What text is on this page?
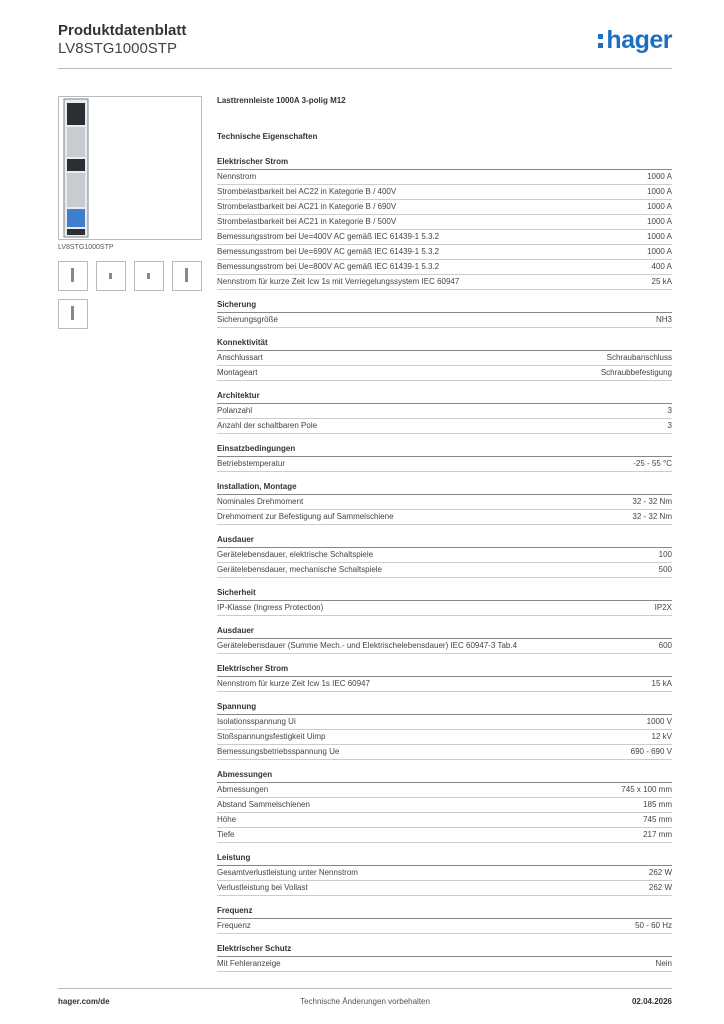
Produktdatenblatt
LV8STG1000STP	hager
LV8STG1000STP
Lasttrennleiste 1000A 3-polig M12
Technische Eigenschaften
Elektrischer Strom
Nennstrom	1000 A
Strombelastbarkeit bei AC22 in Kategorie B / 400V	1000 A
Strombelastbarkeit bei AC21 in Kategorie B / 690V	1000 A
Strombelastbarkeit bei AC21 in Kategorie B / 500V	1000 A
Bemessungsstrom bei Ue=400V AC gemäß IEC 61439-1 5.3.2	1000 A
Bemessungsstrom bei Ue=690V AC gemäß IEC 61439-1 5.3.2	1000 A
Bemessungsstrom bei Ue=800V AC gemäß IEC 61439-1 5.3.2	400 A
Nennstrom für kurze Zeit Icw 1s mit Verriegelungssystem IEC 60947	25 kA
Sicherung
Sicherungsgröße	NH3
Konnektivität
Anschlussart	Schraubanschluss
Montageart	Schraubbefestigung
Architektur
Polanzahl	3
Anzahl der schaltbaren Pole	3
Einsatzbedingungen
Betriebstemperatur	-25 - 55 °C
Installation, Montage
Nominales Drehmoment	32 - 32 Nm
Drehmoment zur Befestigung auf Sammelschiene	32 - 32 Nm
Ausdauer
Gerätelebensdauer, elektrische Schaltspiele	100
Gerätelebensdauer, mechanische Schaltspiele	500
Sicherheit
IP-Klasse (Ingress Protection)	IP2X
Ausdauer
Gerätelebensdauer (Summe Mech.- und Elektrischelebensdauer) IEC 60947-3 Tab.4	600
Elektrischer Strom
Nennstrom für kurze Zeit Icw 1s IEC 60947	15 kA
Spannung
Isolationsspannung Ui	1000 V
Stoßspannungsfestigkeit Uimp	12 kV
Bemessungsbetriebsspannung Ue	690 - 690 V
Abmessungen
Abmessungen	745 x 100 mm
Abstand Sammelschienen	185 mm
Höhe	745 mm
Tiefe	217 mm
Leistung
Gesamtverlustleistung unter Nennstrom	262 W
Verlustleistung bei Vollast	262 W
Frequenz
Frequenz	50 - 60 Hz
Elektrischer Schutz
Mit Fehleranzeige	Nein
hager.com/de	Technische Änderungen vorbehalten	02.04.2026
